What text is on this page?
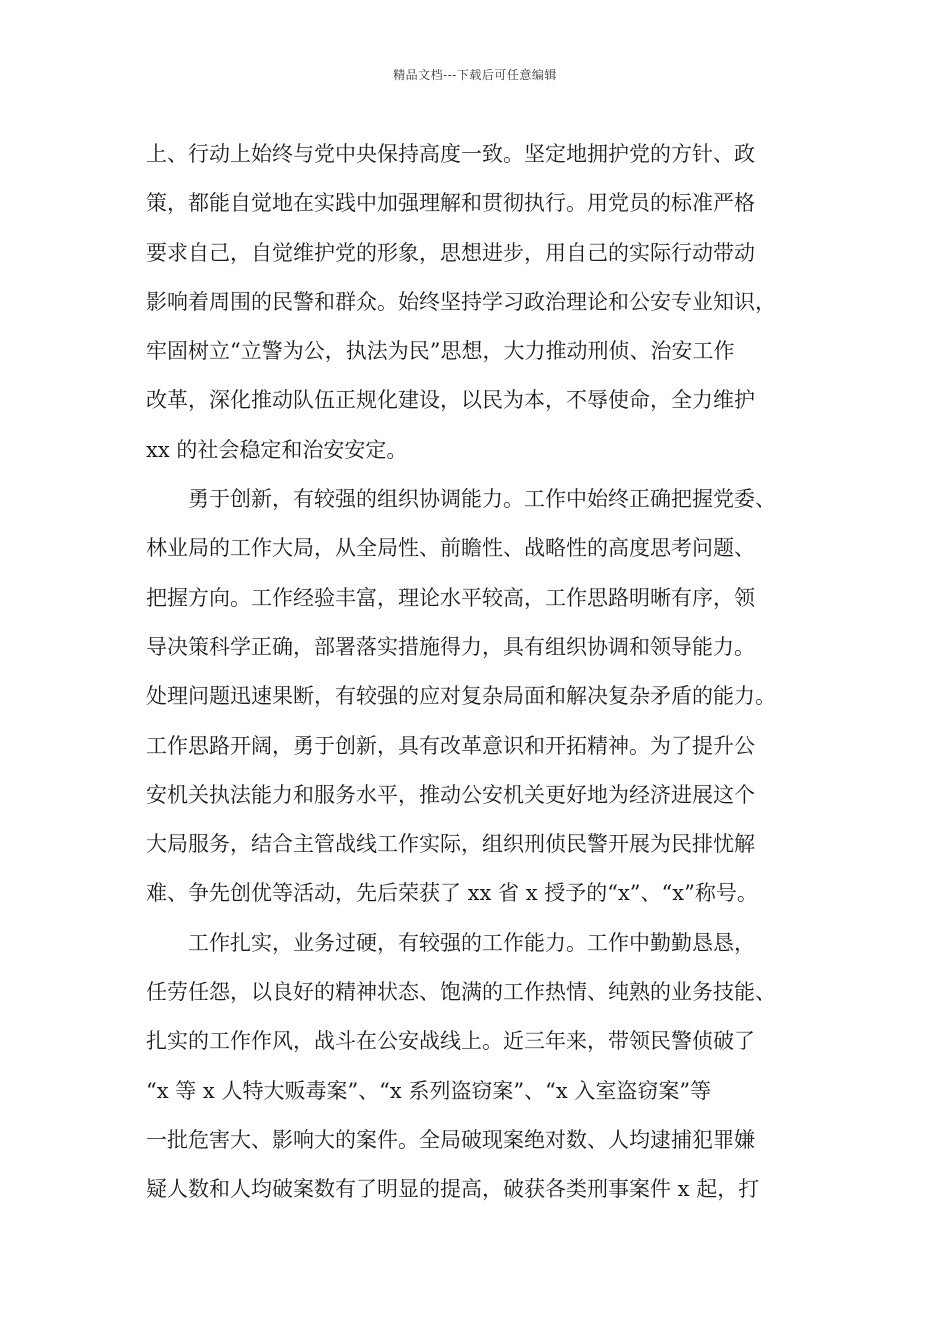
精品文档---下载后可任意编辑
上、行动上始终与党中央保持高度一致。坚定地拥护党的方针、政
策，都能自觉地在实践中加强理解和贯彻执行。用党员的标准严格
要求自己，自觉维护党的形象，思想进步，用自己的实际行动带动
影响着周围的民警和群众。始终坚持学习政治理论和公安专业知识，
牢固树立“立警为公，执法为民”思想，大力推动刑侦、治安工作
改革，深化推动队伍正规化建设，以民为本，不辱使命，全力维护
xx 的社会稳定和治安安定。
勇于创新，有较强的组织协调能力。工作中始终正确把握党委、
林业局的工作大局，从全局性、前瞻性、战略性的高度思考问题、
把握方向。工作经验丰富，理论水平较高，工作思路明晰有序，领
导决策科学正确，部署落实措施得力，具有组织协调和领导能力。
处理问题迅速果断，有较强的应对复杂局面和解决复杂矛盾的能力。
工作思路开阔，勇于创新，具有改革意识和开拓精神。为了提升公
安机关执法能力和服务水平，推动公安机关更好地为经济进展这个
大局服务，结合主管战线工作实际，组织刑侦民警开展为民排忧解
难、争先创优等活动，先后荣获了 xx 省 x 授予的“x”、“x”称号。
工作扎实，业务过硬，有较强的工作能力。工作中勤勤恳恳，
任劳任怨，以良好的精神状态、饱满的工作热情、纯熟的业务技能、
扎实的工作作风，战斗在公安战线上。近三年来，带领民警侦破了
“x 等 x 人特大贩毒案”、“x 系列盗窃案”、“x 入室盗窃案”等
一批危害大、影响大的案件。全局破现案绝对数、人均逮捕犯罪嫌
疑人数和人均破案数有了明显的提高，破获各类刑事案件 x 起，打
